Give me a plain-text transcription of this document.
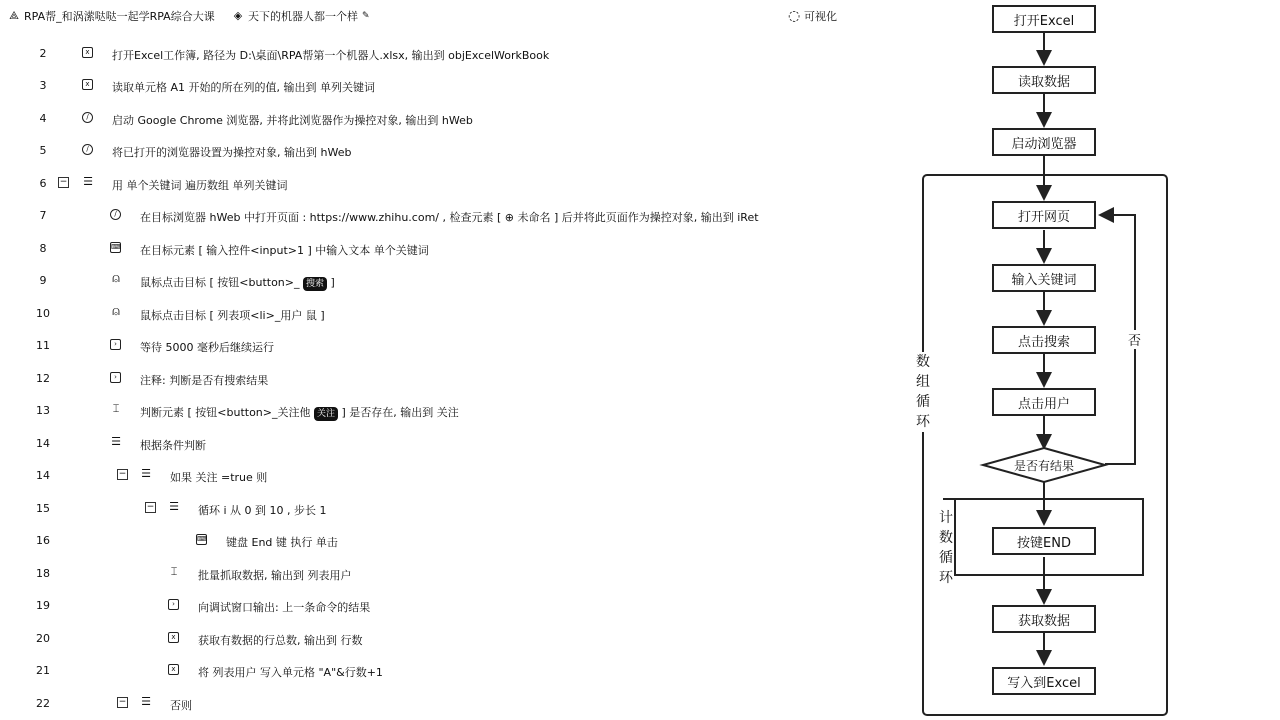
⟁ RPA帮_和涡潆哒哒一起学RPA综合大课 ◈ 天下的机器人都一个样 ✎	◌ 可视化
2	x	打开Excel工作簿, 路径为 D:\桌面\RPA帮第一个机器人.xlsx, 输出到 objExcelWorkBook
3	x	读取单元格 A1 开始的所在列的值, 输出到 单列关键词
4	∕	启动 Google Chrome 浏览器, 并将此浏览器作为操控对象, 输出到 hWeb
5	∕	将已打开的浏览器设置为操控对象, 输出到 hWeb
6	− ☰ 用 单个关键词 遍历数组 单列关键词
7	∕	在目标浏览器 hWeb 中打开页面 : https://www.zhihu.com/ , 检查元素 [ ⊕ 未命名 ] 后并将此页面作为操控对象, 输出到 iRet
8	⌨ 在目标元素 [ 输入控件<input>1 ] 中输入文本 单个关键词
9	⍝ 鼠标点击目标 [ 按钮<button>_ 搜索 ]
10	⍝ 鼠标点击目标 [ 列表项<li>_用户 鼠 ]
11	›	等待 5000 毫秒后继续运行
12	›	注释: 判断是否有搜索结果
13	⌶ 判断元素 [ 按钮<button>_关注他 关注 ] 是否存在, 输出到 关注
14	☰ 根据条件判断
14	− ☰ 如果 关注 =true 则
15	− ☰ 循环 i 从 0 到 10 , 步长 1
16	⌨ 键盘 End 键 执行 单击
18	⌶ 批量抓取数据, 输出到 列表用户
19	›	向调试窗口输出: 上一条命令的结果
20	x	获取有数据的行总数, 输出到 行数
21	x	将 列表用户 写入单元格 "A"&行数+1
22	− ☰ 否则
打开Excel
读取数据
启动浏览器
打开网页
输入关键词
点击搜索
点击用户
是否有结果
按键END
获取数据
写入到Excel
否
数组循环
计数循环
